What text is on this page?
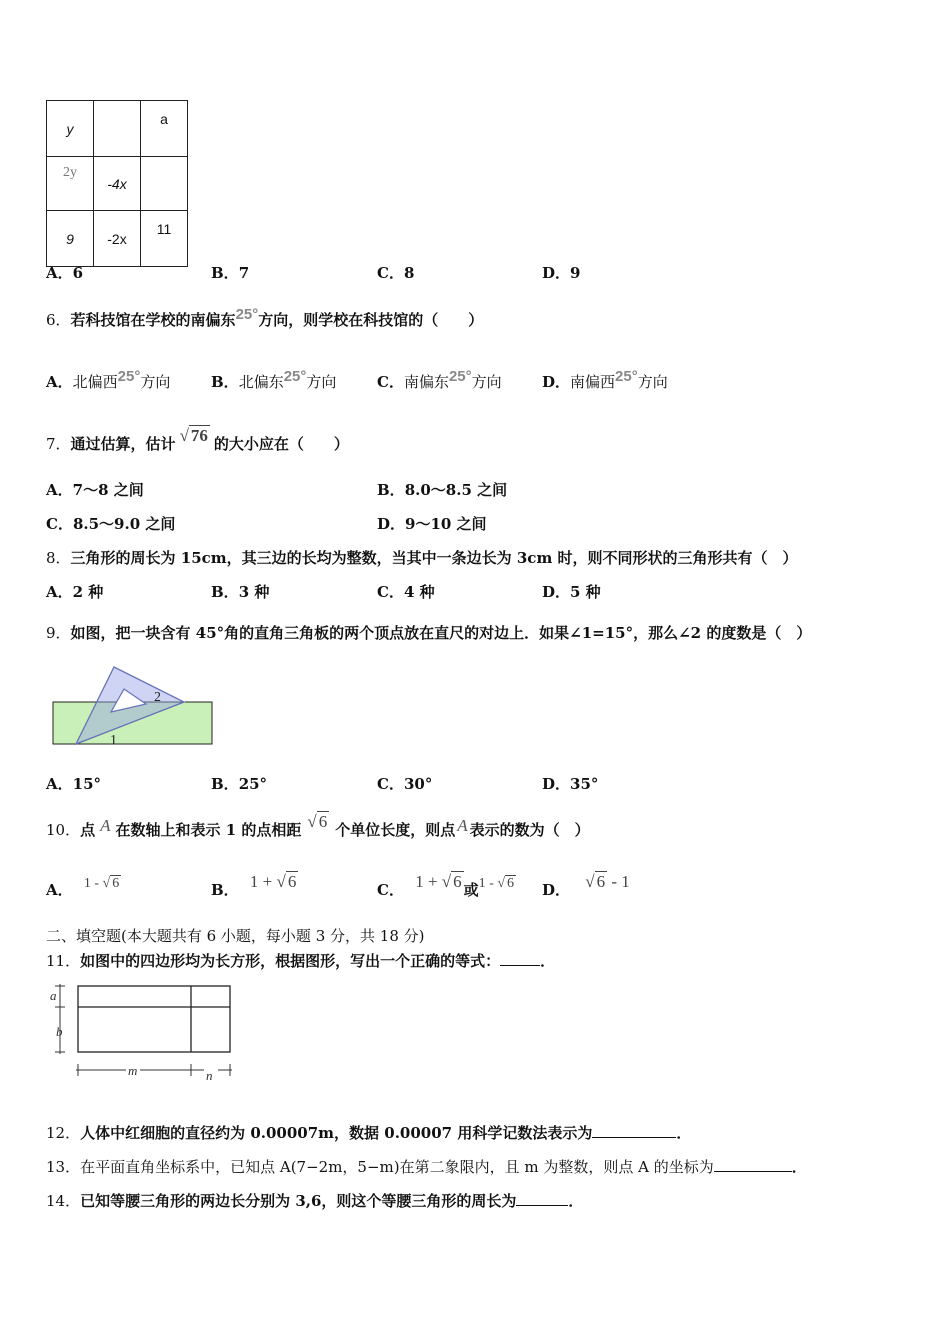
y		a
2y	-4x	
9	-2x	11
A．6	B．7	C．8	D．9
6．若科技馆在学校的南偏东25°方向，则学校在科技馆的（　　）
A．北偏西25°方向	B．北偏东25°方向	C．南偏东25°方向	D．南偏西25°方向
7．通过估算，估计 √ 76 的大小应在（　　）
A．7～8 之间	B．8.0～8.5 之间
C．8.5～9.0 之间	D．9～10 之间
8．三角形的周长为 15cm，其三边的长均为整数，当其中一条边长为 3cm 时，则不同形状的三角形共有（　）
A．2 种	B．3 种	C．4 种	D．5 种
9．如图，把一块含有 45°角的直角三角板的两个顶点放在直尺的对边上．如果∠1=15°，那么∠2 的度数是（　）
2
1
A．15°	B．25°	C．30°	D．35°
10．点 A 在数轴上和表示 1 的点相距 √ 6 个单位长度，则点 A 表示的数为（　）
A． 1 - √ 6	B． 1 + √ 6	C． 1 + √ 6 或1 - √ 6 D． √ 6 - 1
二、填空题(本大题共有 6 小题，每小题 3 分，共 18 分)
11．如图中的四边形均为长方形，根据图形，写出一个正确的等式：	．
a
b
m	n
12．人体中红细胞的直径约为 0.00007m，数据 0.00007 用科学记数法表示为	．
13．在平面直角坐标系中，已知点 A(7−2m，5−m)在第二象限内，且 m 为整数，则点 A 的坐标为	．
14．已知等腰三角形的两边长分别为 3,6，则这个等腰三角形的周长为	．
